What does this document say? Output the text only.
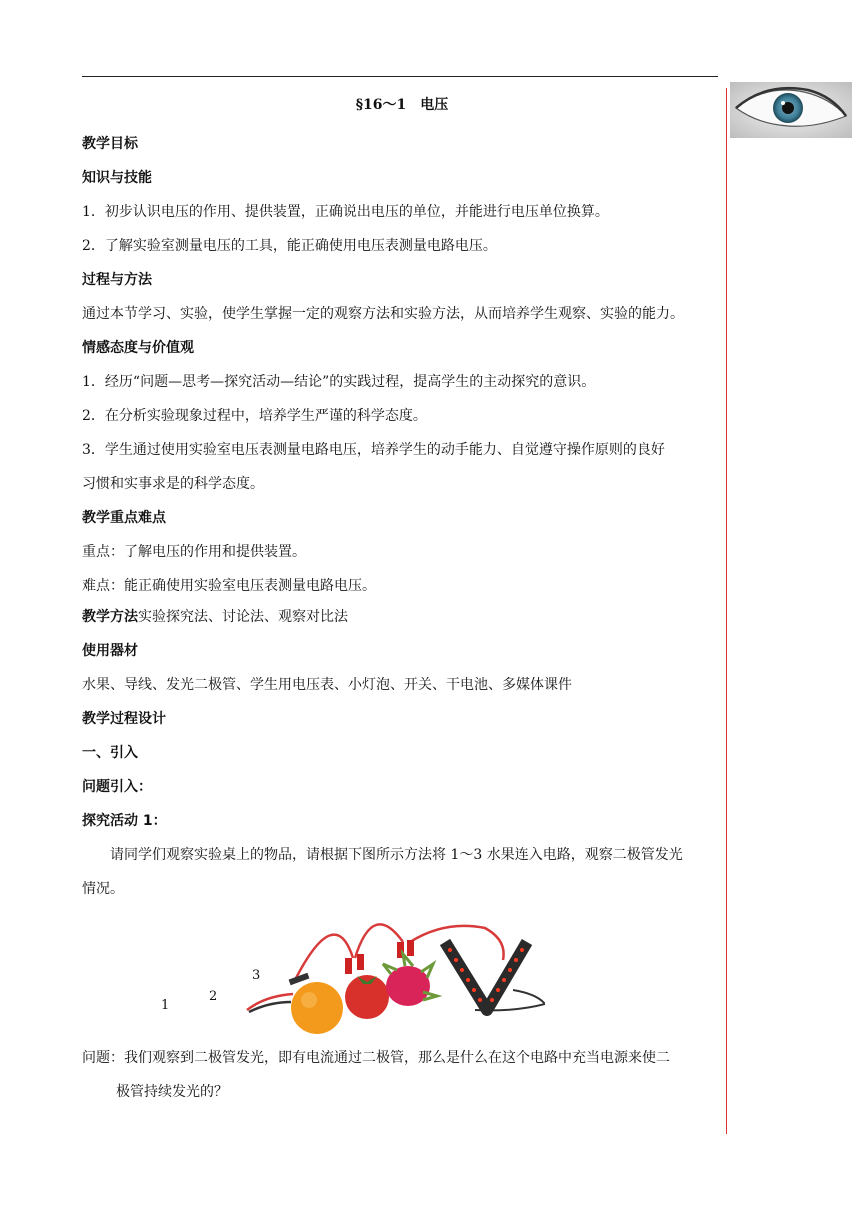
§16～1　电压
教学目标
知识与技能
1．初步认识电压的作用、提供装置，正确说出电压的单位，并能进行电压单位换算。
2．了解实验室测量电压的工具，能正确使用电压表测量电路电压。
过程与方法
通过本节学习、实验，使学生掌握一定的观察方法和实验方法，从而培养学生观察、实验的能力。
情感态度与价值观
1．经历“问题—思考—探究活动—结论”的实践过程，提高学生的主动探究的意识。
2．在分析实验现象过程中，培养学生严谨的科学态度。
3．学生通过使用实验室电压表测量电路电压，培养学生的动手能力、自觉遵守操作原则的良好
习惯和实事求是的科学态度。
教学重点难点
重点：了解电压的作用和提供装置。
难点：能正确使用实验室电压表测量电路电压。
教学方法实验探究法、讨论法、观察对比法
使用器材
水果、导线、发光二极管、学生用电压表、小灯泡、开关、干电池、多媒体课件
教学过程设计
一、引入
问题引入：
探究活动 1：
请同学们观察实验桌上的物品，请根据下图所示方法将 1～3 水果连入电路，观察二极管发光
情况。
1
2
3
问题：我们观察到二极管发光，即有电流通过二极管，那么是什么在这个电路中充当电源来使二
极管持续发光的？
